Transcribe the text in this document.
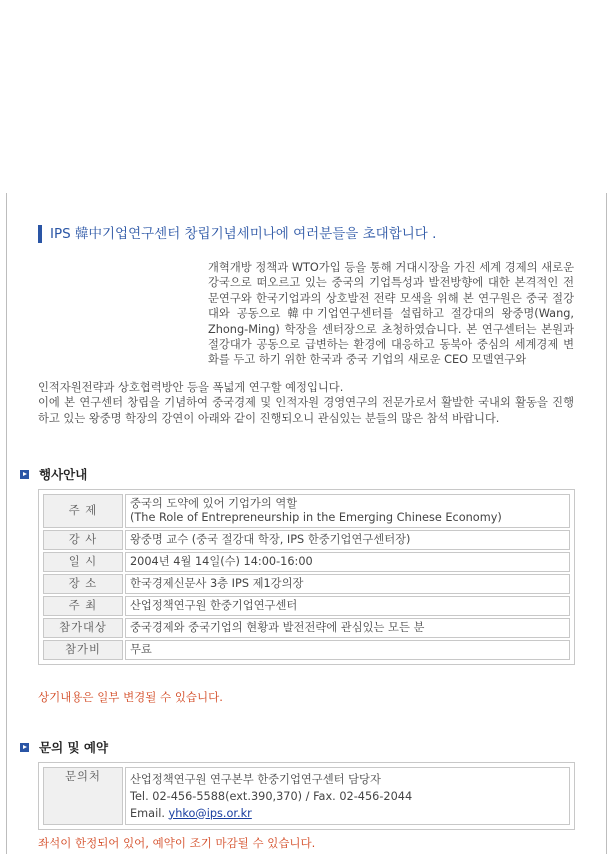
IPS 韓中기업연구센터 창립기념세미나에 여러분들을 초대합니다 .
개혁개방 정책과 WTO가입 등을 통해 거대시장을 가진 세계 경제의 새로운 강국으로 떠오르고 있는 중국의 기업특성과 발전방향에 대한 본격적인 전문연구와 한국기업과의 상호발전 전략 모색을 위해 본 연구원은 중국 절강대와 공동으로 韓中기업연구센터를 설립하고 절강대의 왕중명(Wang, Zhong-Ming) 학장을 센터장으로 초청하였습니다. 본 연구센터는 본원과 절강대가 공동으로 급변하는 환경에 대응하고 동북아 중심의 세계경제 변화를 두고 하기 위한 한국과 중국 기업의 새로운 CEO 모델연구와

인적자원전략과 상호협력방안 등을 폭넓게 연구할 예정입니다.

이에 본 연구센터 창립을 기념하여 중국경제 및 인적자원 경영연구의 전문가로서 활발한 국내외 활동을 진행하고 있는 왕중명 학장의 강연이 아래와 같이 진행되오니 관심있는 분들의 많은 참석 바랍니다.

행사안내
주 제	중국의 도약에 있어 기업가의 역할
(The Role of Entrepreneurship in the Emerging Chinese Economy)

강 사	왕중명 교수 (중국 절강대 학장, IPS 한중기업연구센터장)
일 시	2004년 4월 14일(수) 14:00-16:00
장 소	한국경제신문사 3층 IPS 제1강의장
주 최	산업정책연구원 한중기업연구센터
참가대상	중국경제와 중국기업의 현황과 발전전략에 관심있는 모든 분
참가비	무료
상기내용은 일부 변경될 수 있습니다.
문의 및 예약
문의처	산업정책연구원 연구본부 한중기업연구센터 담당자
Tel. 02-456-5588(ext.390,370) / Fax. 02-456-2044
Email. yhko@ips.or.kr
좌석이 한정되어 있어, 예약이 조기 마감될 수 있습니다.
